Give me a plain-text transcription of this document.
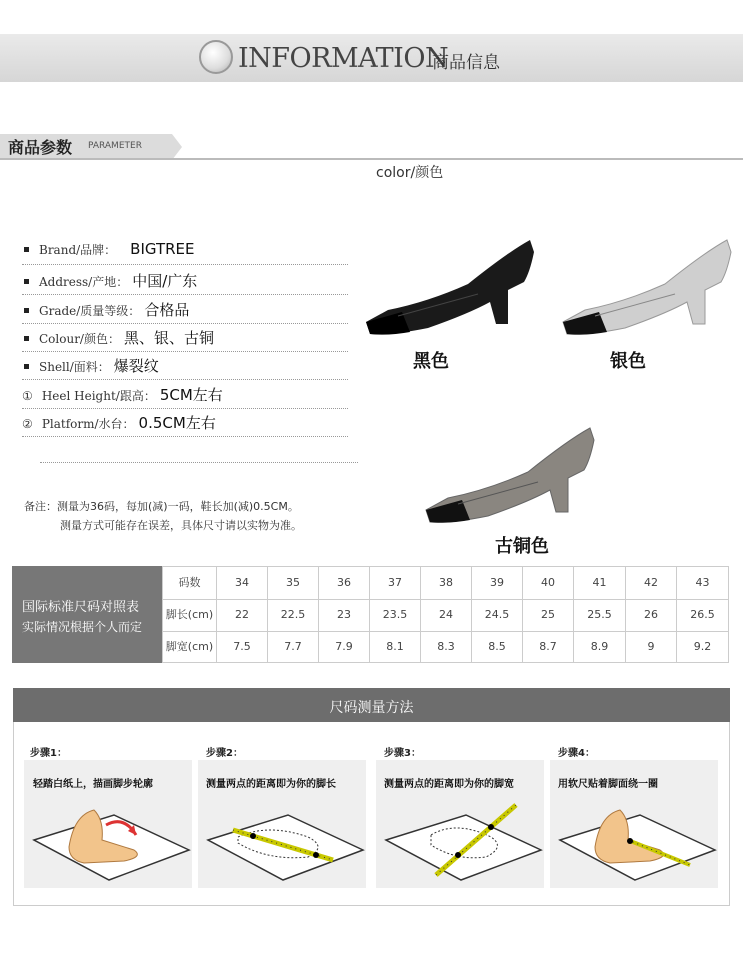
INFORMATION
商品信息
商品参数 PARAMETER
color/颜色
Brand/品牌： BIGTREE
Address/产地： 中国/广东
Grade/质量等级： 合格品
Colour/颜色： 黑、银、古铜
Shell/面料： 爆裂纹
① Heel Height/跟高： 5CM左右
② Platform/水台： 0.5CM左右
备注：测量为36码，每加(减)一码，鞋长加(减)0.5CM。
测量方式可能存在误差，具体尺寸请以实物为准。
黑色	银色
古铜色
国际标准尺码对照表
实际情况根据个人而定
码数	34	35	36	37	38	39	40	41	42	43
脚长(cm)	22	22.5	23	23.5	24	24.5	25	25.5	26	26.5
脚宽(cm)	7.5	7.7	7.9	8.1	8.3	8.5	8.7	8.9	9	9.2
尺码测量方法
步骤1：
轻踏白纸上，描画脚步轮廓
步骤2：
测量两点的距离即为你的脚长
步骤3：
测量两点的距离即为你的脚宽
步骤4：
用软尺贴着脚面绕一圈
